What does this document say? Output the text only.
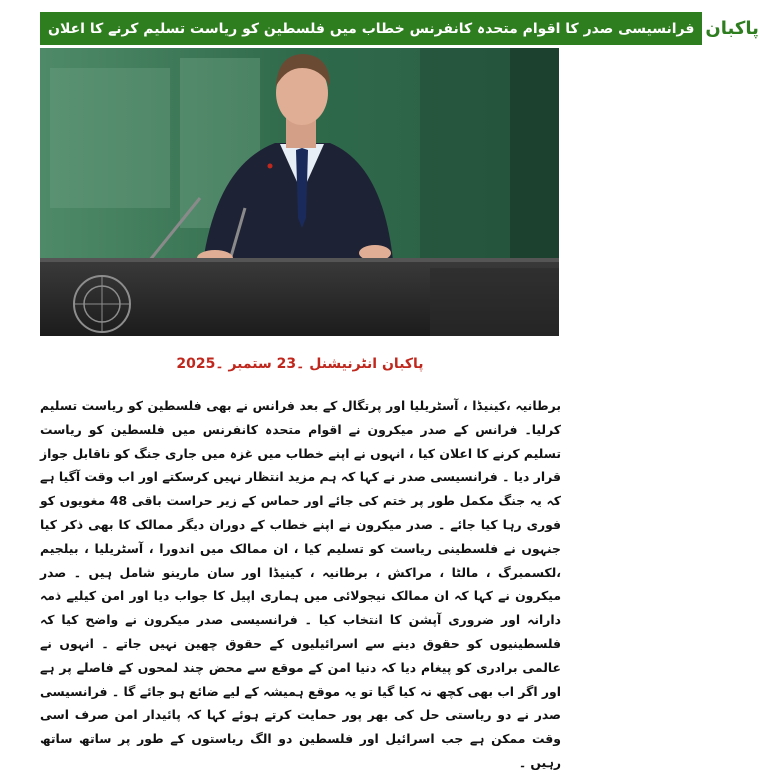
فرانسیسی صدر کا اقوام متحدہ کانفرنس خطاب میں فلسطین کو ریاست تسلیم کرنے کا اعلان پاکبان
پاکبان انٹرنیشنل ۔23 ستمبر ۔2025

برطانیہ ،کینیڈا ، آسٹریلیا اور پرتگال کے بعد فرانس نے بھی فلسطین کو ریاست تسلیم کرلیا۔ فرانس کے صدر میکرون نے اقوام متحدہ کانفرنس میں فلسطین کو ریاست تسلیم کرنے کا اعلان کیا ، انہوں نے اپنے خطاب میں غزہ میں جاری جنگ کو ناقابل جواز قرار دیا ۔ فرانسیسی صدر نے کہا کہ ہم مزید انتظار نہیں کرسکتے اور اب وقت آگیا ہے کہ یہ جنگ مکمل طور پر ختم کی جائے اور حماس کے زیر حراست باقی 48 مغویوں کو فوری رہا کیا جائے ۔ صدر میکرون نے اپنے خطاب کے دوران دیگر ممالک کا بھی ذکر کیا جنہوں نے فلسطینی ریاست کو تسلیم کیا ، ان ممالک میں اندورا ، آسٹریلیا ، بیلجیم ،لکسمبرگ ، مالٹا ، مراکش ، برطانیہ ، کینیڈا اور سان مارینو شامل ہیں ۔ صدر میکرون نے کہا کہ ان ممالک نیجولائی میں ہماری اپیل کا جواب دیا اور امن کیلیے ذمہ دارانہ اور ضروری آپشن کا انتخاب کیا ۔ فرانسیسی صدر میکرون نے واضح کیا کہ فلسطینیوں کو حقوق دینے سے اسرائیلیوں کے حقوق چھین نہیں جاتے ۔ انہوں نے عالمی برادری کو پیغام دیا کہ دنیا امن کے موقع سے محض چند لمحوں کے فاصلے پر ہے اور اگر اب بھی کچھ نہ کیا گیا تو یہ موقع ہمیشہ کے لیے ضائع ہو جائے گا ۔ فرانسیسی صدر نے دو ریاستی حل کی بھر پور حمایت کرتے ہوئے کہا کہ پائیدار امن صرف اسی وقت ممکن ہے جب اسرائیل اور فلسطین دو الگ ریاستوں کے طور پر ساتھ ساتھ رہیں ۔
